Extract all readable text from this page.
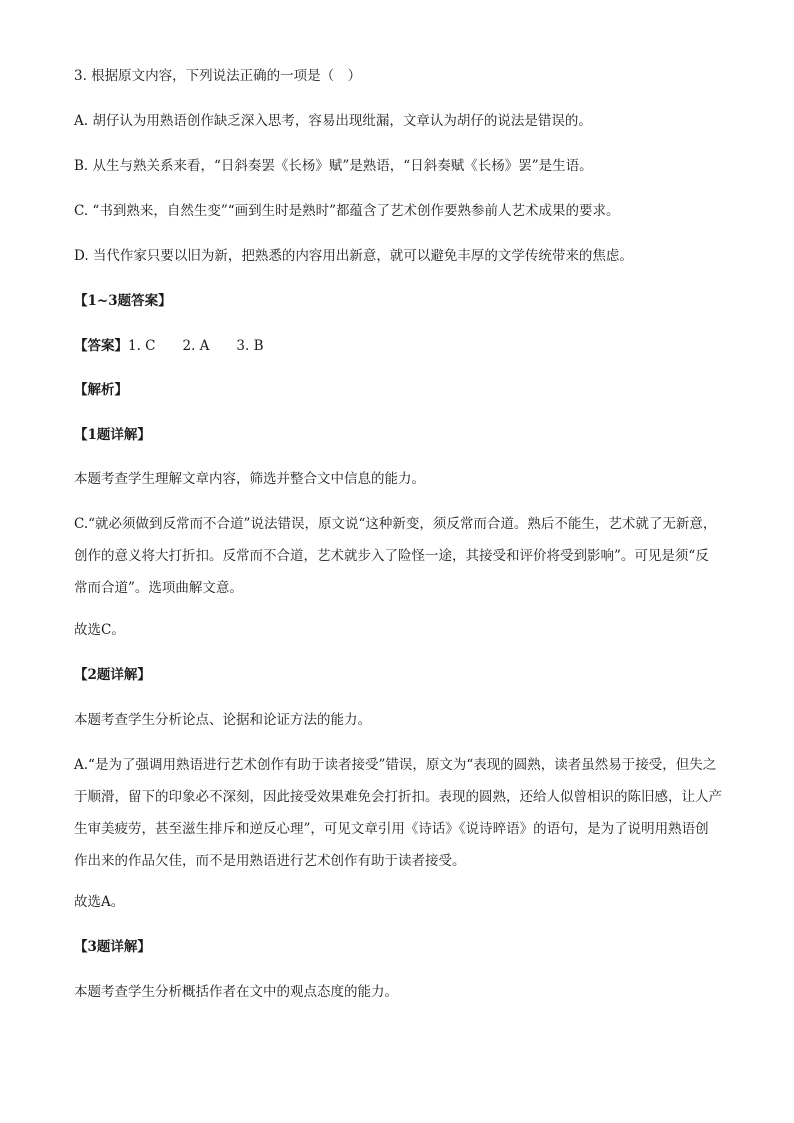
3. 根据原文内容，下列说法正确的一项是（　）
A. 胡仔认为用熟语创作缺乏深入思考，容易出现纰漏，文章认为胡仔的说法是错误的。
B. 从生与熟关系来看，“日斜奏罢《长杨》赋”是熟语，“日斜奏赋《长杨》罢”是生语。
C. “书到熟来，自然生变”“画到生时是熟时”都蕴含了艺术创作要熟参前人艺术成果的要求。
D. 当代作家只要以旧为新，把熟悉的内容用出新意，就可以避免丰厚的文学传统带来的焦虑。
【1~3题答案】
【答案】1. C　　2. A　　3. B
【解析】
【1题详解】
本题考查学生理解文章内容，筛选并整合文中信息的能力。
C.“就必须做到反常而不合道”说法错误，原文说“这种新变，须反常而合道。熟后不能生，艺术就了无新意，创作的意义将大打折扣。反常而不合道，艺术就步入了险怪一途，其接受和评价将受到影响”。可见是须“反常而合道”。选项曲解文意。
故选C。
【2题详解】
本题考查学生分析论点、论据和论证方法的能力。
A.“是为了强调用熟语进行艺术创作有助于读者接受”错误，原文为“表现的圆熟，读者虽然易于接受，但失之于顺滑，留下的印象必不深刻，因此接受效果难免会打折扣。表现的圆熟，还给人似曾相识的陈旧感，让人产生审美疲劳，甚至滋生排斥和逆反心理”，可见文章引用《诗话》《说诗晬语》的语句，是为了说明用熟语创作出来的作品欠佳，而不是用熟语进行艺术创作有助于读者接受。
故选A。
【3题详解】
本题考查学生分析概括作者在文中的观点态度的能力。
